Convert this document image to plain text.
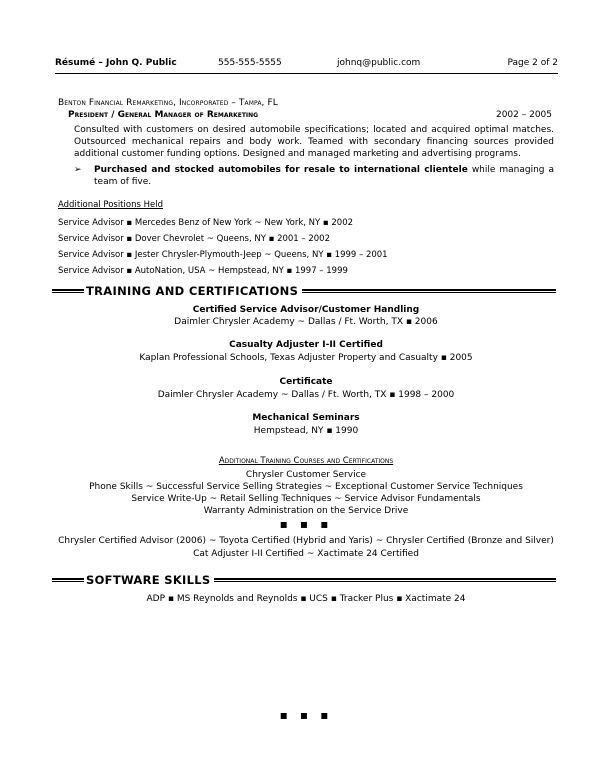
Résumé – John Q. Public	555-555-5555	johnq@public.com	Page 2 of 2
Benton Financial Remarketing, Incorporated – Tampa, FL
President / General Manager of Remarketing	2002 – 2005
Consulted with customers on desired automobile specifications; located and acquired optimal matches. Outsourced mechanical repairs and body work. Teamed with secondary financing sources provided additional customer funding options. Designed and managed marketing and advertising programs.
➢ Purchased and stocked automobiles for resale to international clientele while managing a team of five.
Additional Positions Held
Service Advisor ▪ Mercedes Benz of New York ~ New York, NY ▪ 2002
Service Advisor ▪ Dover Chevrolet ~ Queens, NY ▪ 2001 – 2002
Service Advisor ▪ Jester Chrysler-Plymouth-Jeep ~ Queens, NY ▪ 1999 – 2001
Service Advisor ▪ AutoNation, USA ~ Hempstead, NY ▪ 1997 – 1999
TRAINING AND CERTIFICATIONS
Certified Service Advisor/Customer Handling
Daimler Chrysler Academy ~ Dallas / Ft. Worth, TX ▪ 2006
Casualty Adjuster I-II Certified
Kaplan Professional Schools, Texas Adjuster Property and Casualty ▪ 2005
Certificate
Daimler Chrysler Academy ~ Dallas / Ft. Worth, TX ▪ 1998 – 2000
Mechanical Seminars
Hempstead, NY ▪ 1990
Additional Training Courses and Certifications
Chrysler Customer Service
Phone Skills ~ Successful Service Selling Strategies ~ Exceptional Customer Service Techniques
Service Write-Up ~ Retail Selling Techniques ~ Service Advisor Fundamentals
Warranty Administration on the Service Drive
▪ ▪ ▪
Chrysler Certified Advisor (2006) ~ Toyota Certified (Hybrid and Yaris) ~ Chrysler Certified (Bronze and Silver)
Cat Adjuster I-II Certified ~ Xactimate 24 Certified
SOFTWARE SKILLS
ADP ▪ MS Reynolds and Reynolds ▪ UCS ▪ Tracker Plus ▪ Xactimate 24
▪ ▪ ▪
